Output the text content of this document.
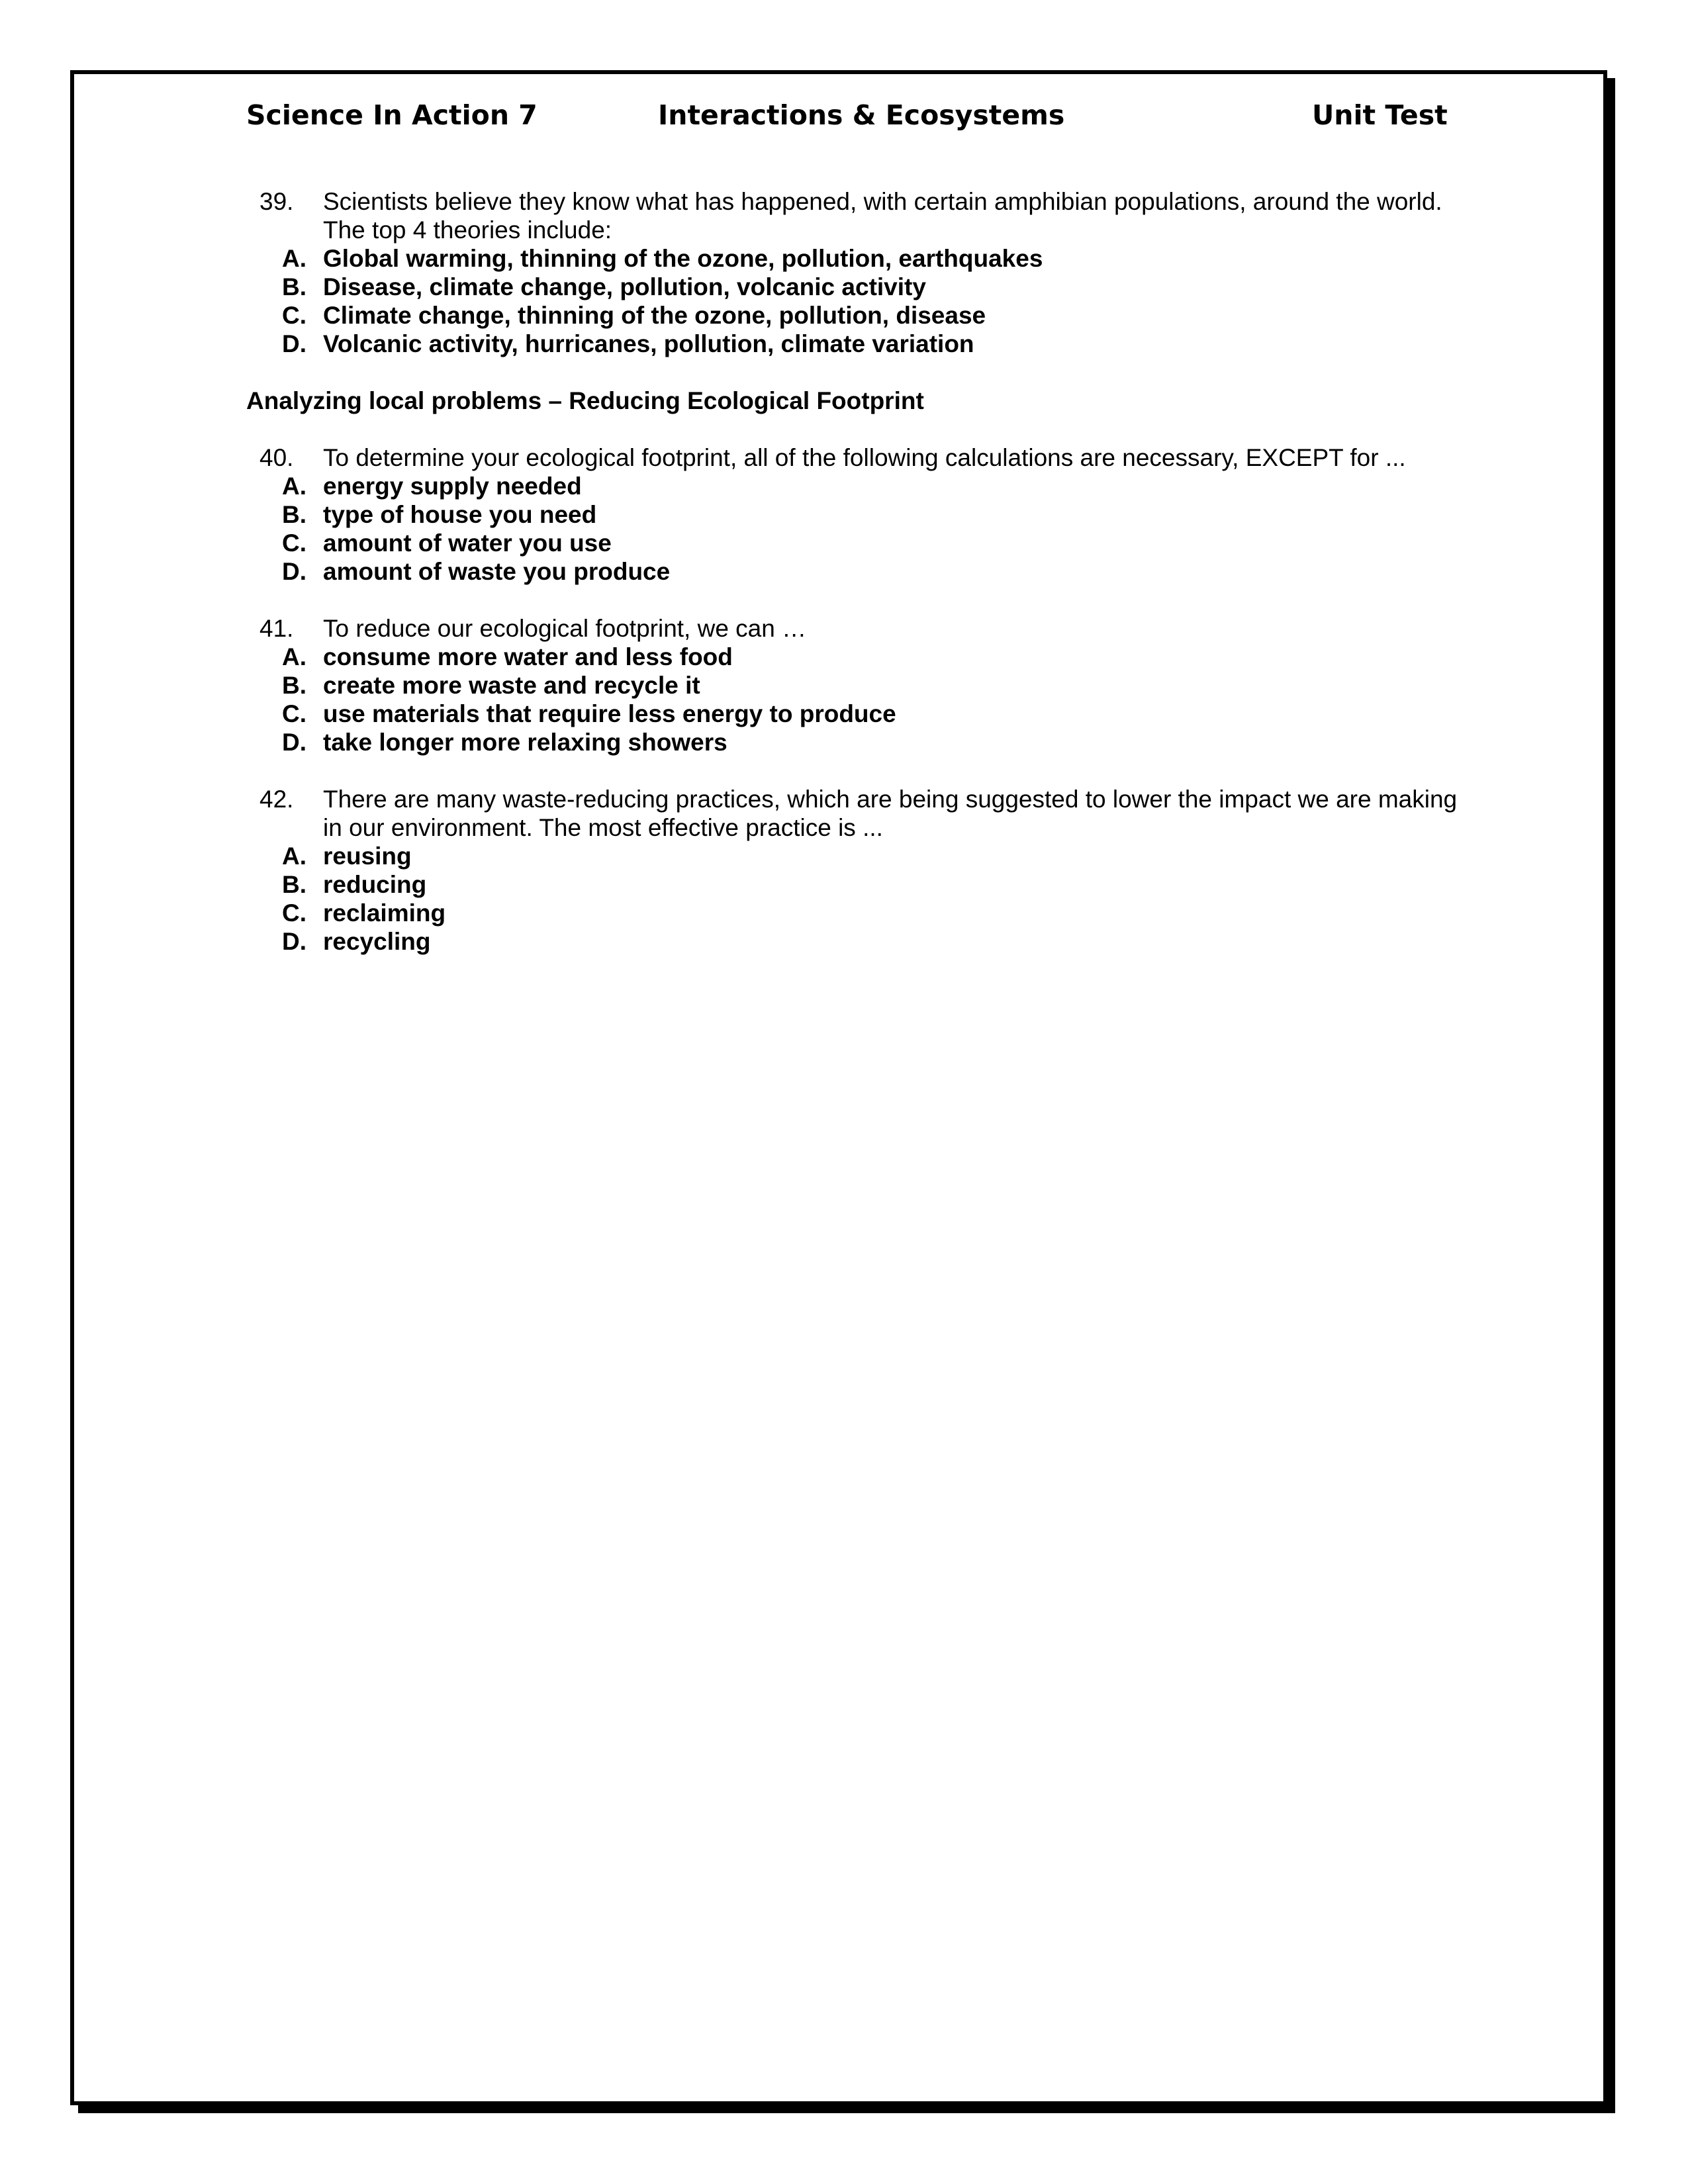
Science In Action 7	Interactions & Ecosystems	Unit Test
39.	Scientists believe they know what has happened, with certain amphibian populations, around the world.
The top 4 theories include:
A. Global warming, thinning of the ozone, pollution, earthquakes
B. Disease, climate change, pollution, volcanic activity
C. Climate change, thinning of the ozone, pollution, disease
D. Volcanic activity, hurricanes, pollution, climate variation
Analyzing local problems – Reducing Ecological Footprint
40.	To determine your ecological footprint, all of the following calculations are necessary, EXCEPT for ...
A. energy supply needed
B. type of house you need
C. amount of water you use
D. amount of waste you produce
41.	To reduce our ecological footprint, we can …
A. consume more water and less food
B. create more waste and recycle it
C. use materials that require less energy to produce
D. take longer more relaxing showers
42.	There are many waste-reducing practices, which are being suggested to lower the impact we are making
in our environment. The most effective practice is ...
A. reusing
B. reducing
C. reclaiming
D. recycling
